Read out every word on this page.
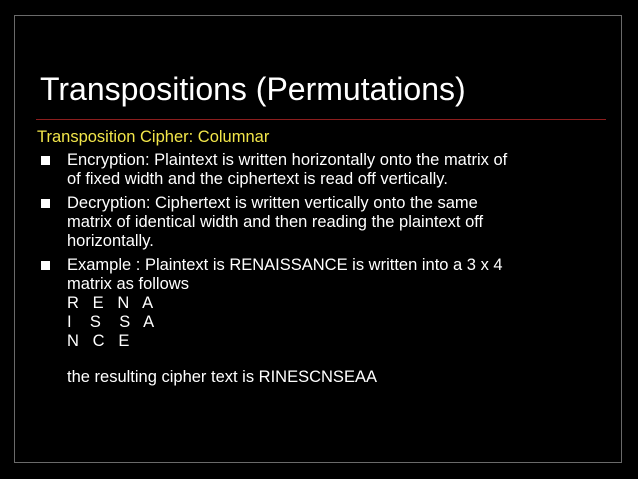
Transpositions (Permutations)
Transposition Cipher: Columnar
Encryption: Plaintext is written horizontally onto the matrix of
of fixed width and the ciphertext is read off vertically.
Decryption: Ciphertext is written vertically onto the same
matrix of identical width and then reading the plaintext off
horizontally.
Example : Plaintext is RENAISSANCE is written into a 3 x 4
matrix as follows
R   E   N   A
I    S    S   A
N   C   E
the resulting cipher text is RINESCNSEAA
